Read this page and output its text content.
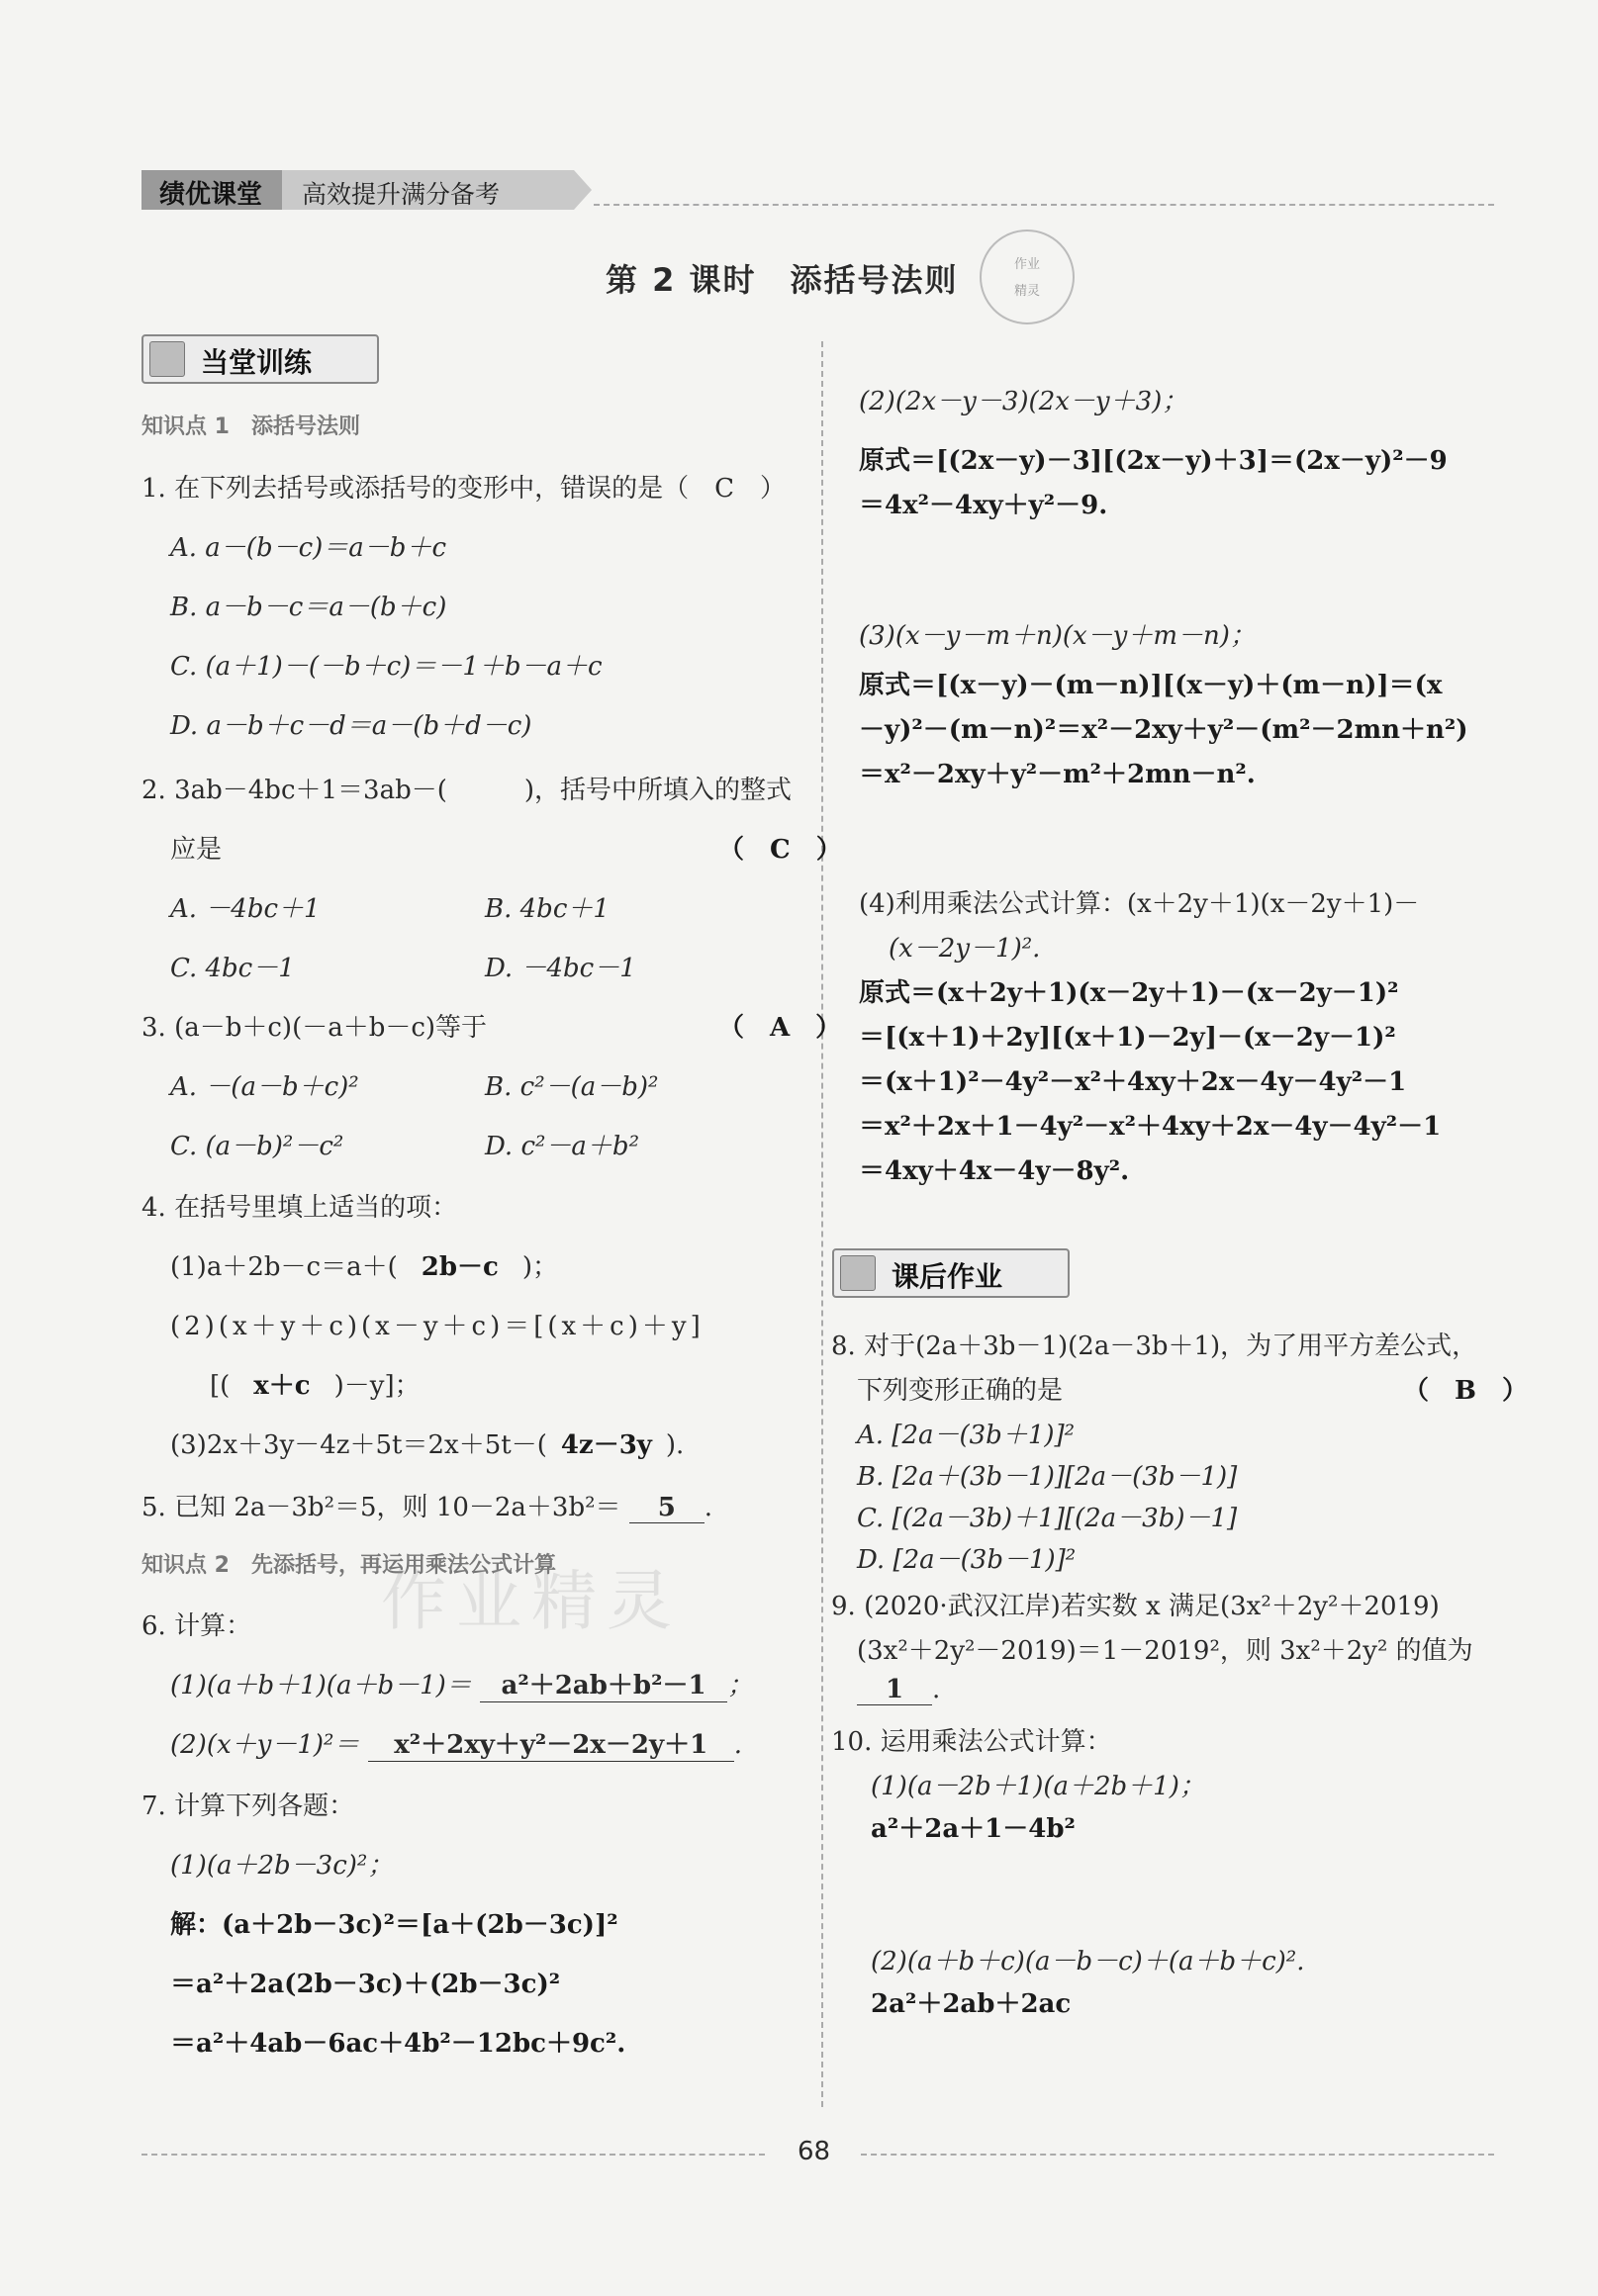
绩优课堂 高效提升满分备考
第 2 课时　添括号法则	作业
精灵
当堂训练
知识点 1　添括号法则
1. 在下列去括号或添括号的变形中，错误的是（　C　）
A. a－(b－c)＝a－b＋c
B. a－b－c＝a－(b＋c)
C. (a＋1)－(－b＋c)＝－1＋b－a＋c
D. a－b＋c－d＝a－(b＋d－c)
2. 3ab－4bc＋1＝3ab－(　　　)，括号中所填入的整式
应是	（　C　）
A. －4bc＋1	B. 4bc＋1
C. 4bc－1	D. －4bc－1
3. (a－b＋c)(－a＋b－c)等于	（　A　）
A. －(a－b＋c)²	B. c²－(a－b)²
C. (a－b)²－c²	D. c²－a＋b²
4. 在括号里填上适当的项：
(1)a＋2b－c＝a＋( 2b－c )；
(2)(x＋y＋c)(x－y＋c)＝[(x＋c)＋y]
[( x＋c )－y]；
(3)2x＋3y－4z＋5t＝2x＋5t－( 4z－3y ).
5. 已知 2a－3b²＝5，则 10－2a＋3b²＝ 5 .
知识点 2　先添括号，再运用乘法公式计算
作业精灵
6. 计算：
(1)(a＋b＋1)(a＋b－1)＝ a²＋2ab＋b²－1 ；
(2)(x＋y－1)²＝ x²＋2xy＋y²－2x－2y＋1 .
7. 计算下列各题：
(1)(a＋2b－3c)²；
解：(a＋2b－3c)²＝[a＋(2b－3c)]²
＝a²＋2a(2b－3c)＋(2b－3c)²
＝a²＋4ab－6ac＋4b²－12bc＋9c².
(2)(2x－y－3)(2x－y＋3)；
原式＝[(2x－y)－3][(2x－y)＋3]＝(2x－y)²－9
＝4x²－4xy＋y²－9.
(3)(x－y－m＋n)(x－y＋m－n)；
原式＝[(x－y)－(m－n)][(x－y)＋(m－n)]＝(x
－y)²－(m－n)²＝x²－2xy＋y²－(m²－2mn＋n²)
＝x²－2xy＋y²－m²＋2mn－n².
(4)利用乘法公式计算：(x＋2y＋1)(x－2y＋1)－
(x－2y－1)².
原式＝(x＋2y＋1)(x－2y＋1)－(x－2y－1)²
＝[(x＋1)＋2y][(x＋1)－2y]－(x－2y－1)²
＝(x＋1)²－4y²－x²＋4xy＋2x－4y－4y²－1
＝x²＋2x＋1－4y²－x²＋4xy＋2x－4y－4y²－1
＝4xy＋4x－4y－8y².
课后作业
8. 对于(2a＋3b－1)(2a－3b＋1)，为了用平方差公式，
下列变形正确的是	（　B　）
A. [2a－(3b＋1)]²
B. [2a＋(3b－1)][2a－(3b－1)]
C. [(2a－3b)＋1][(2a－3b)－1]
D. [2a－(3b－1)]²
9. (2020·武汉江岸)若实数 x 满足(3x²＋2y²＋2019)
(3x²＋2y²－2019)＝1－2019²，则 3x²＋2y² 的值为
1 .
10. 运用乘法公式计算：
(1)(a－2b＋1)(a＋2b＋1)；
a²＋2a＋1－4b²
(2)(a＋b＋c)(a－b－c)＋(a＋b＋c)².
2a²＋2ab＋2ac
68
